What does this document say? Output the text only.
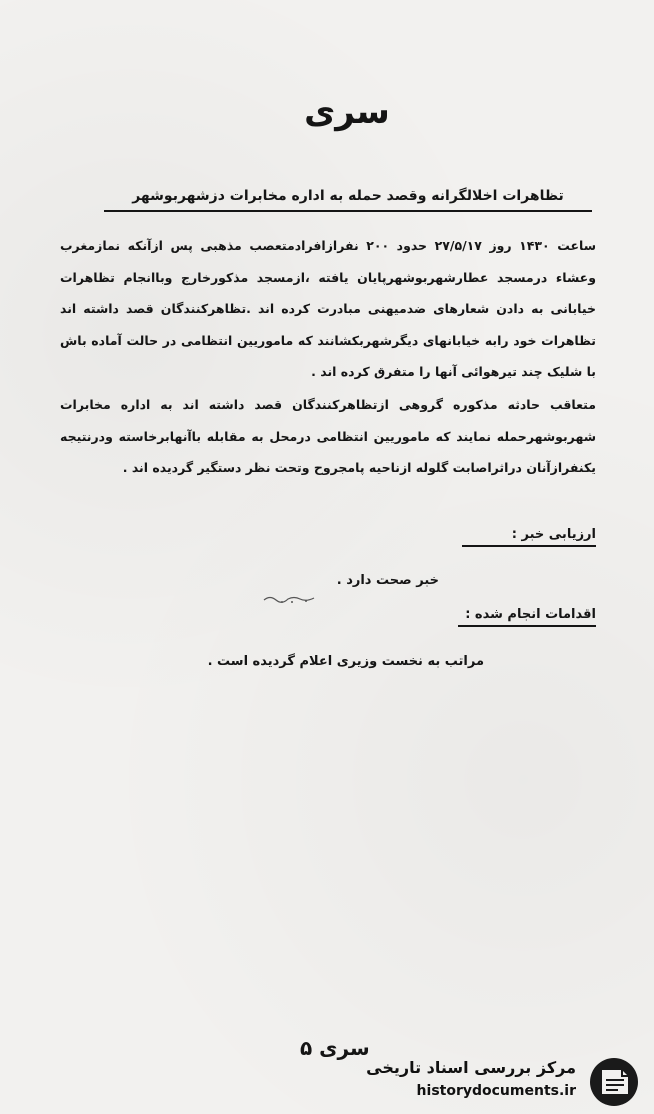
سری
تظاهرات اخلالگرانه وقصد حمله به اداره مخابرات دزشهربوشهر
ساعت ۱۴۳۰ روز ۲۷/۵/۱۷ حدود ۲۰۰ نفرازافرادمتعصب مذهبی پس ازآنکه نمازمغرب وعشاء درمسجد عطارشهربوشهرپایان یافته ،ازمسجد مذکورخارج وباانجام تظاهرات خیابانی به دادن شعارهای ضدمیهنی مبادرت کرده اند .تظاهرکنندگان قصد داشته اند تظاهرات خود رابه خیابانهای دیگرشهربکشانند که ماموریین انتظامی در حالت آماده باش با شلیک چند تیرهوائی آنها را متفرق کرده اند .
متعاقب حادثه مذکوره گروهی ازتظاهرکنندگان قصد داشته اند به اداره مخابرات شهربوشهرحمله نمایند که ماموریین انتظامی درمحل به مقابله باآنهابرخاسته ودرنتیجه یکنفرازآنان دراثراصابت گلوله ازناحیه پامجروح وتحت نظر دستگیر گردیده اند .
ارزیابی خبر :
خبر صحت دارد .
اقدامات انجام شده :
مراتب به نخست وزیری اعلام گردیده است .
سری ۵
مرکز بررسی اسناد تاریخی
historydocuments.ir
